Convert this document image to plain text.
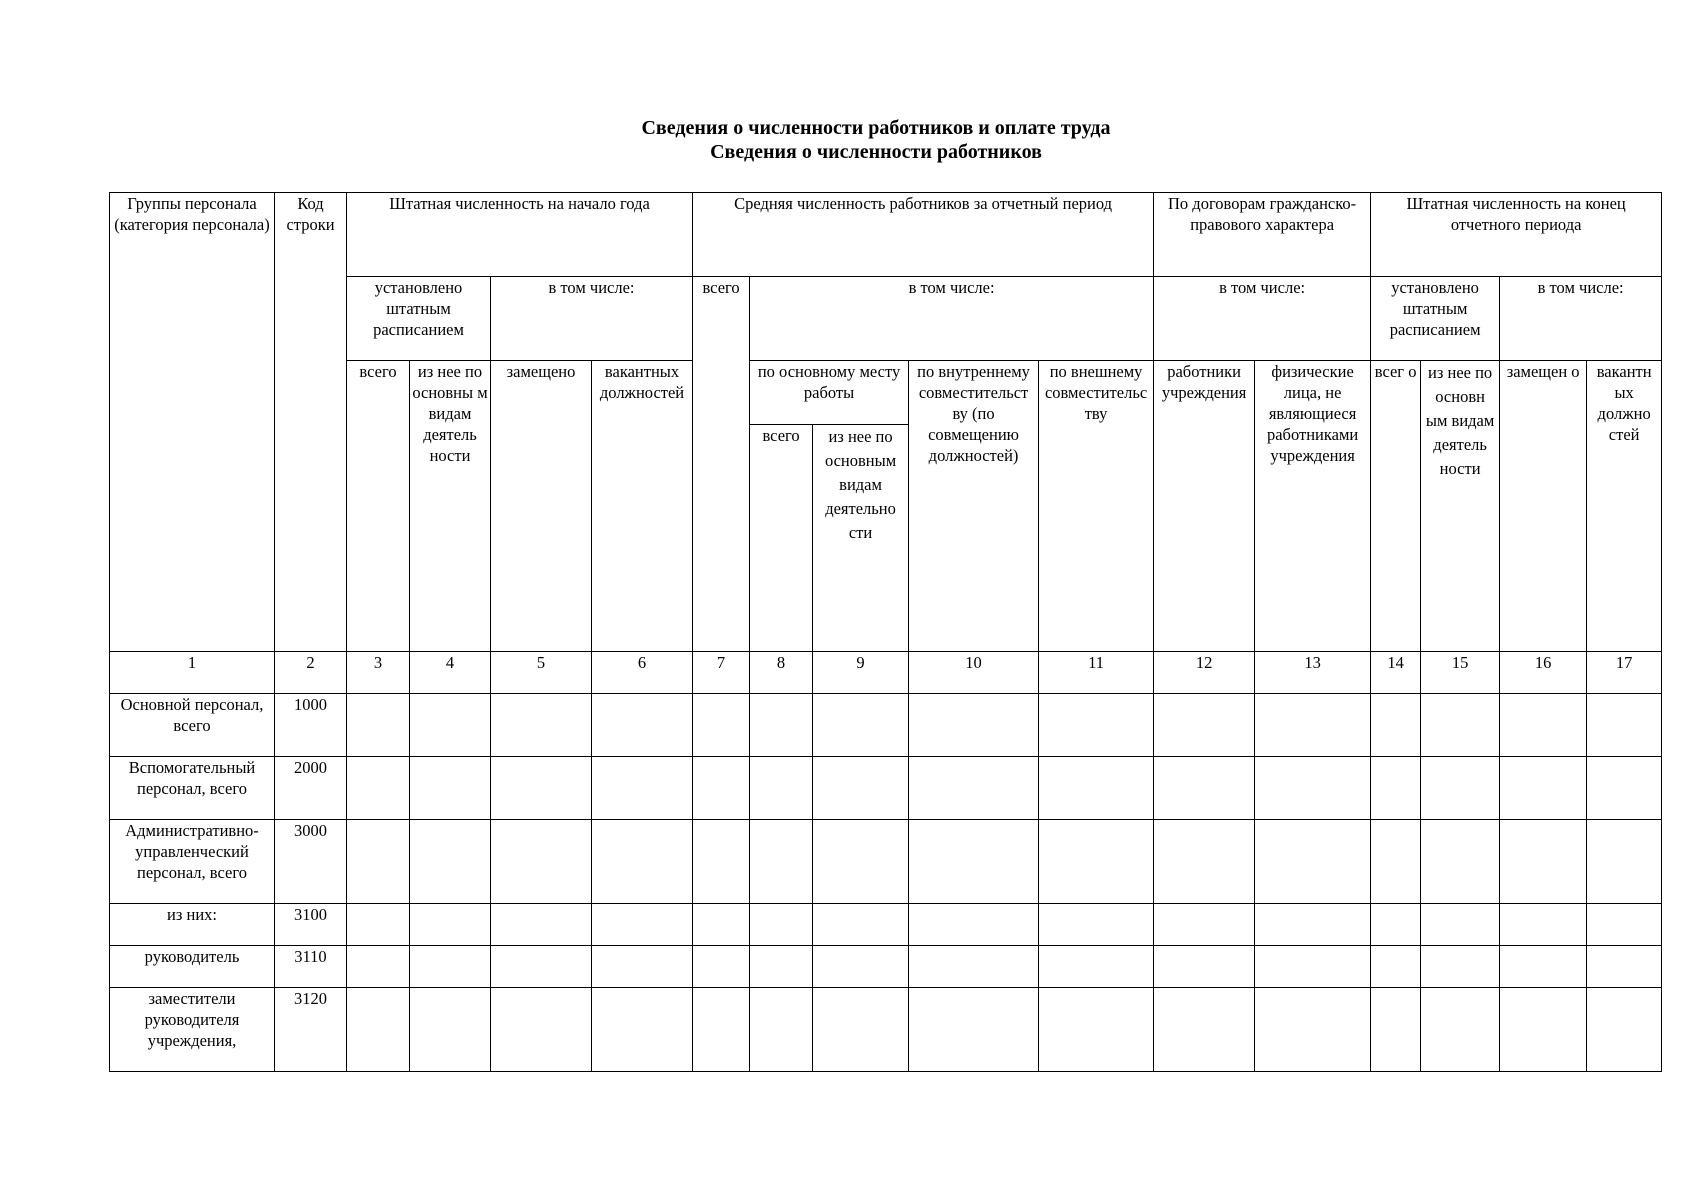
Сведения о численности работников и оплате труда
Сведения о численности работников
Группы персонала (категория персонала)	Код строки	Штатная численность на начало года				Средняя численность работников за отчетный период					По договорам гражданско-правового характера		Штатная численность на конец отчетного периода			
		установлено штатным расписанием		в том числе:		всего	в том числе:				в том числе:		установлено штатным расписанием		в том числе:	
		всего	из нее по основны м видам деятель ности	замещено	вакантных должностей		по основному месту работы		по внутреннему совместительст ву (по совмещению должностей)	по внешнему совместительс тву	работники учреждения	физические лица, не являющиеся работниками учреждения	всег о	из нее по основн ым видам деятель ности	замещен о	вакантн ых должно стей
							всего	из нее по основным видам деятельно сти								
1	2	3	4	5	6	7	8	9	10	11	12	13	14	15	16	17
Основной персонал, всего	1000															
Вспомогательный персонал, всего	2000															
Административно-управленческий персонал, всего	3000															
из них:	3100															
руководитель	3110															
заместители руководителя учреждения,	3120															
